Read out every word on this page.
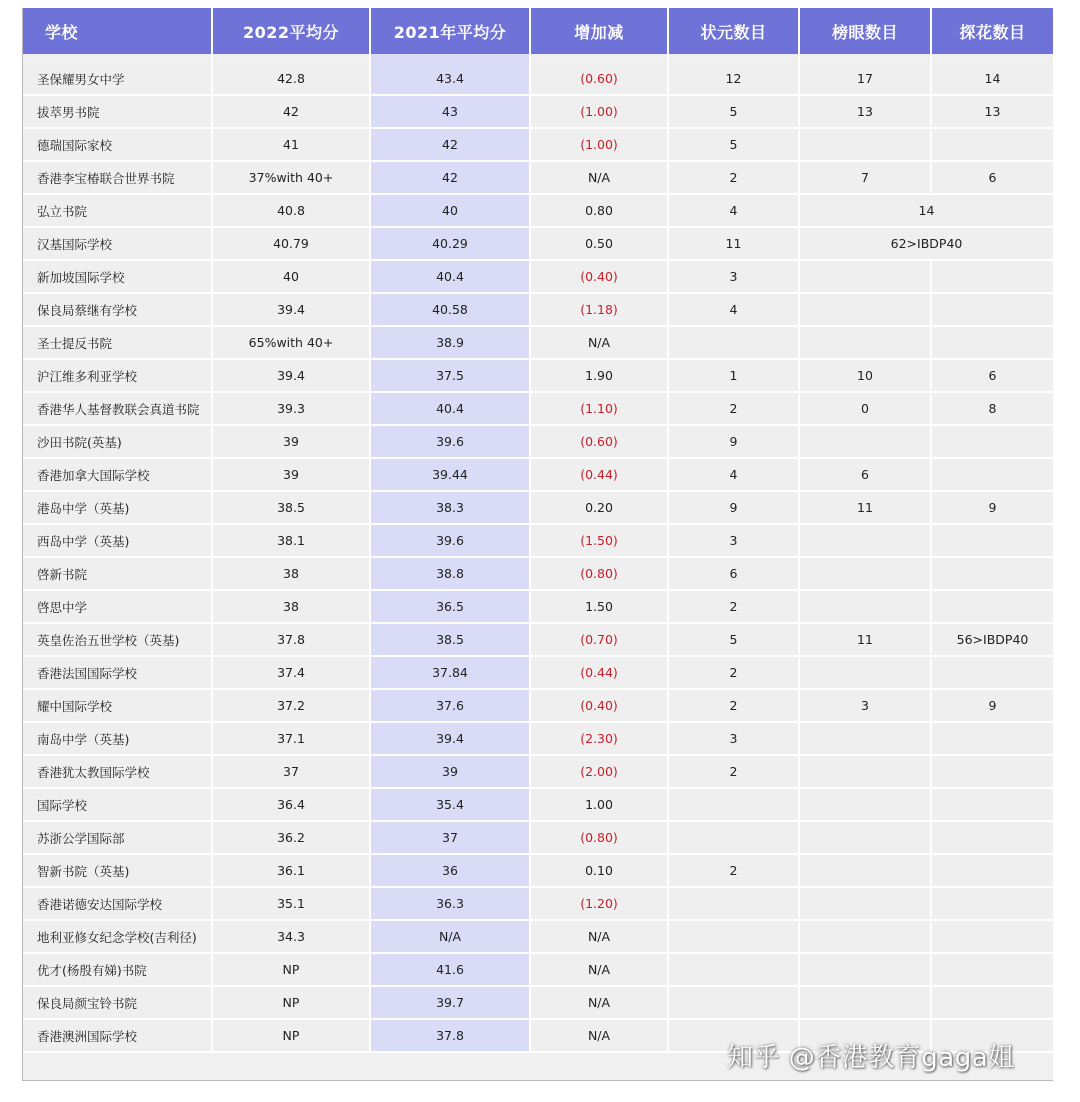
学校	2022平均分	2021年平均分	增加减	状元数目	榜眼数目	探花数目

圣保耀男女中学	42.8	43.4	(0.60)	12	17	14
拔萃男书院	42	43	(1.00)	5	13	13
德瑞国际家校	41	42	(1.00)	5		
香港李宝椿联合世界书院	37%with 40+	42	N/A	2	7	6
弘立书院	40.8	40	0.80	4	14	
汉基国际学校	40.79	40.29	0.50	11	62>IBDP40	
新加坡国际学校	40	40.4	(0.40)	3		
保良局蔡继有学校	39.4	40.58	(1.18)	4		
圣士提反书院	65%with 40+	38.9	N/A			
沪江维多利亚学校	39.4	37.5	1.90	1	10	6
香港华人基督教联会真道书院	39.3	40.4	(1.10)	2	0	8
沙田书院(英基)	39	39.6	(0.60)	9		
香港加拿大国际学校	39	39.44	(0.44)	4	6	
港岛中学（英基)	38.5	38.3	0.20	9	11	9
西岛中学（英基)	38.1	39.6	(1.50)	3		
啓新书院	38	38.8	(0.80)	6		
啓思中学	38	36.5	1.50	2		
英皇佐治五世学校（英基)	37.8	38.5	(0.70)	5	11	56>IBDP40
香港法国国际学校	37.4	37.84	(0.44)	2		
耀中国际学校	37.2	37.6	(0.40)	2	3	9
南岛中学（英基)	37.1	39.4	(2.30)	3		
香港犹太教国际学校	37	39	(2.00)	2		
国际学校	36.4	35.4	1.00			
苏浙公学国际部	36.2	37	(0.80)			
智新书院（英基)	36.1	36	0.10	2		
香港诺德安达国际学校	35.1	36.3	(1.20)			
地利亚修女纪念学校(吉利径)	34.3	N/A	N/A			
优才(杨殷有娣)书院	NP	41.6	N/A			
保良局颜宝铃书院	NP	39.7	N/A			
香港澳洲国际学校	NP	37.8	N/A			
知乎 @香港教育gaga姐
